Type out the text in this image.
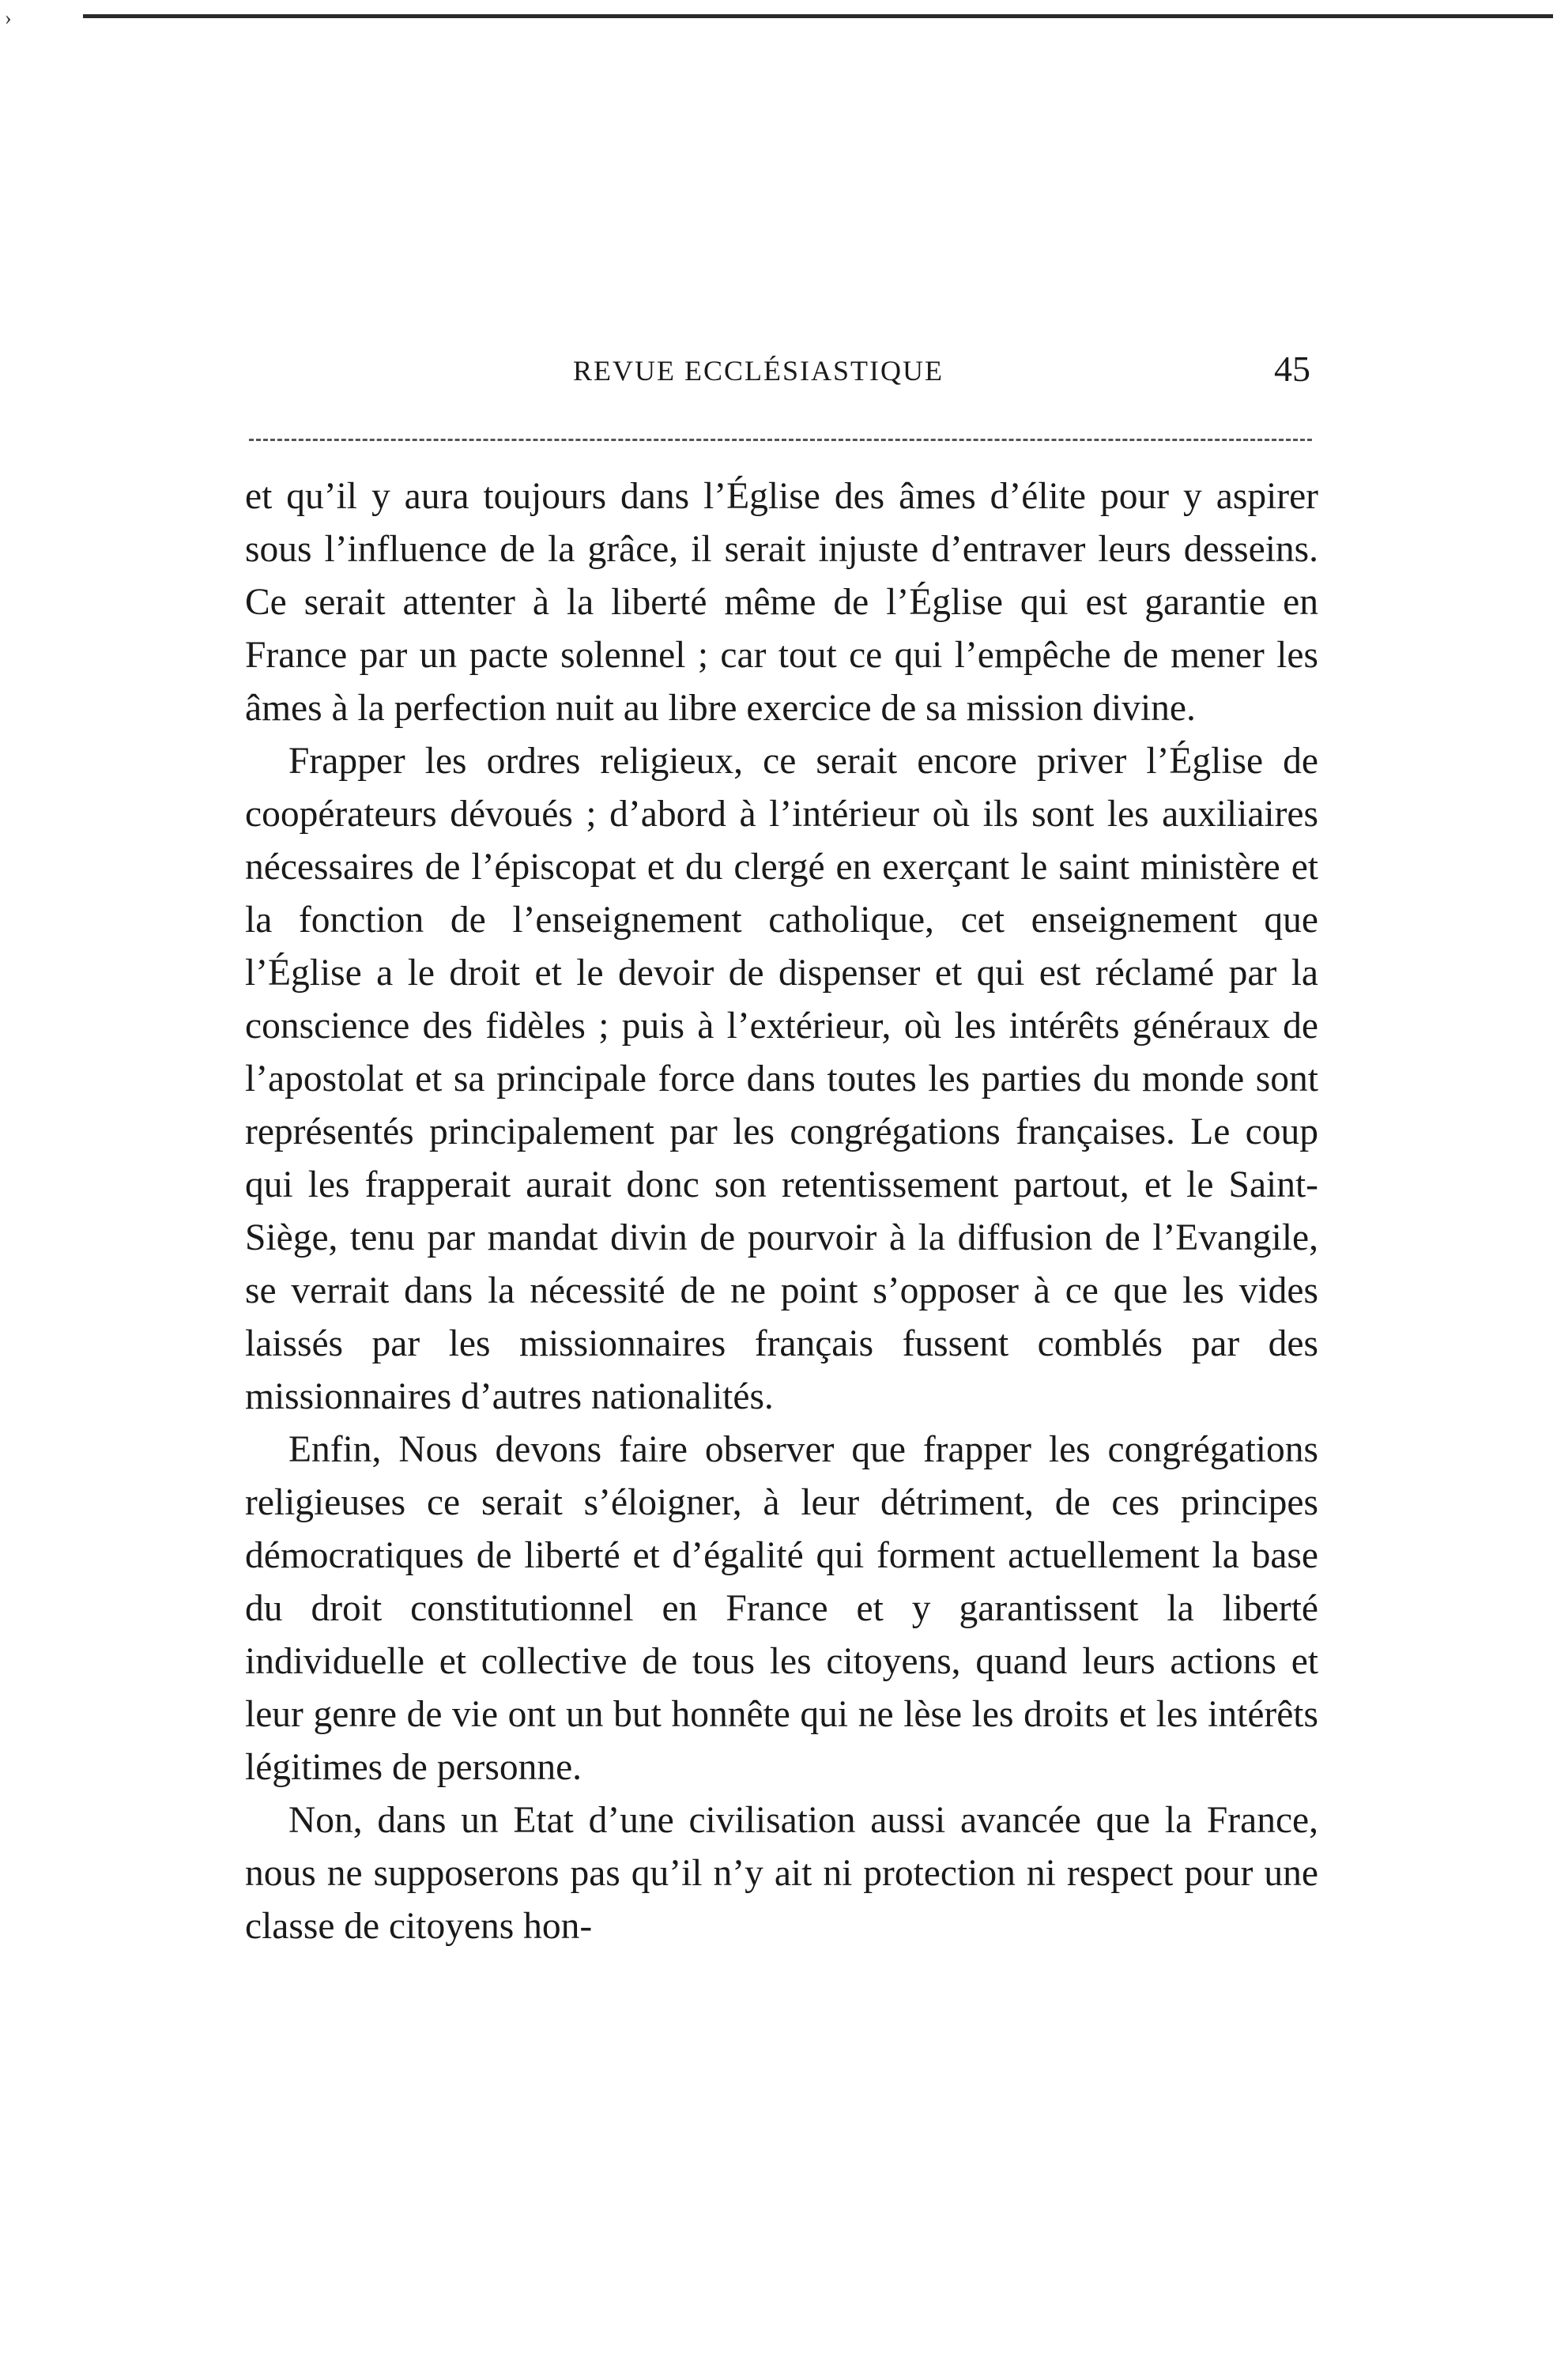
›
REVUE ECCLÉSIASTIQUE	45

et qu’il y aura toujours dans l’Église des âmes d’élite pour y aspirer sous l’influence de la grâce, il serait injuste d’entraver leurs desseins. Ce serait attenter à la liberté même de l’Église qui est garantie en France par un pacte solennel ; car tout ce qui l’empêche de mener les âmes à la perfection nuit au libre exercice de sa mission divine.

Frapper les ordres religieux, ce serait encore priver l’Église de coopérateurs dévoués ; d’abord à l’intérieur où ils sont les auxiliaires nécessaires de l’épiscopat et du clergé en exerçant le saint ministère et la fonction de l’enseignement catholique, cet enseignement que l’Église a le droit et le devoir de dispenser et qui est réclamé par la conscience des fidèles ; puis à l’extérieur, où les intérêts généraux de l’apostolat et sa principale force dans toutes les parties du monde sont représentés principalement par les congrégations françaises. Le coup qui les frapperait aurait donc son retentissement partout, et le Saint-Siège, tenu par mandat divin de pourvoir à la diffusion de l’Evangile, se verrait dans la nécessité de ne point s’opposer à ce que les vides laissés par les missionnaires français fussent comblés par des missionnaires d’autres nationalités.

Enfin, Nous devons faire observer que frapper les congrégations religieuses ce serait s’éloigner, à leur détriment, de ces principes démocratiques de liberté et d’égalité qui forment actuellement la base du droit constitutionnel en France et y garantissent la liberté individuelle et collective de tous les citoyens, quand leurs actions et leur genre de vie ont un but honnête qui ne lèse les droits et les intérêts légitimes de personne.

Non, dans un Etat d’une civilisation aussi avancée que la France, nous ne supposerons pas qu’il n’y ait ni protection ni respect pour une classe de citoyens hon-
